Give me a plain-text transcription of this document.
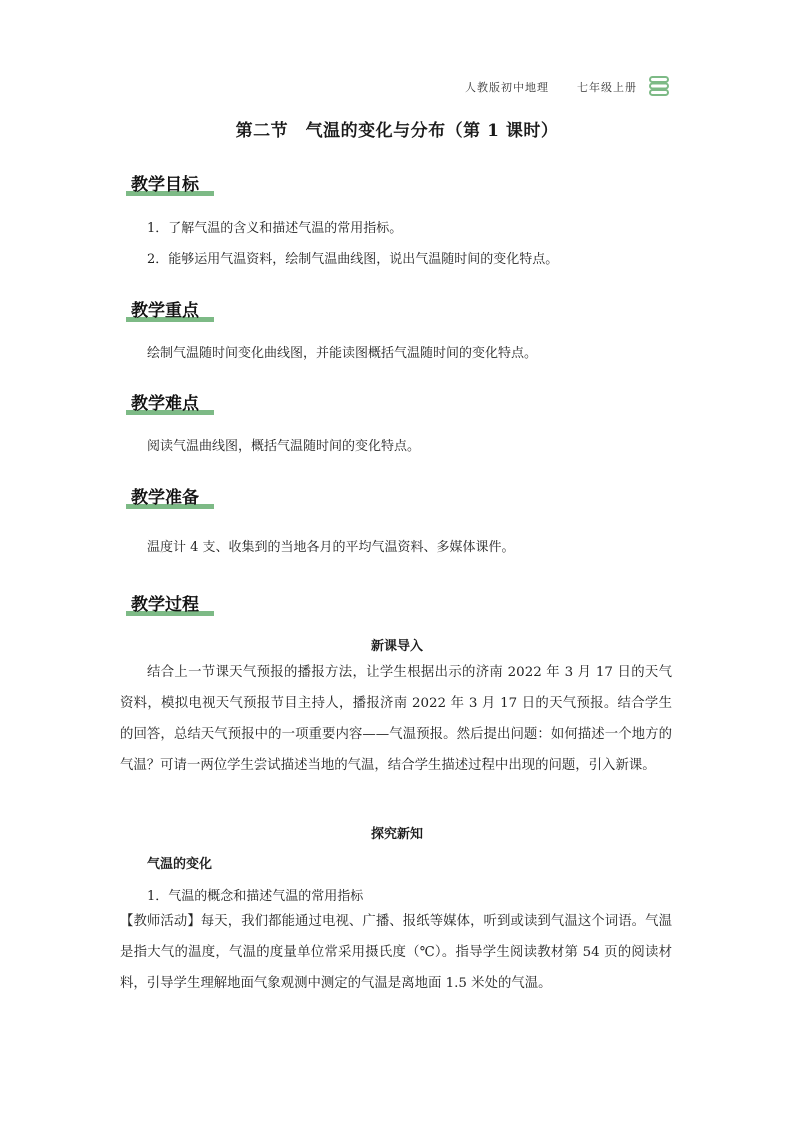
人教版初中地理	七年级上册
第二节　气温的变化与分布（第 1 课时）
教学目标
1．了解气温的含义和描述气温的常用指标。
2．能够运用气温资料，绘制气温曲线图，说出气温随时间的变化特点。
教学重点
绘制气温随时间变化曲线图，并能读图概括气温随时间的变化特点。
教学难点
阅读气温曲线图，概括气温随时间的变化特点。
教学准备
温度计 4 支、收集到的当地各月的平均气温资料、多媒体课件。
教学过程
新课导入
结合上一节课天气预报的播报方法，让学生根据出示的济南 2022 年 3 月 17 日的天气资料，模拟电视天气预报节目主持人，播报济南 2022 年 3 月 17 日的天气预报。结合学生的回答，总结天气预报中的一项重要内容——气温预报。然后提出问题：如何描述一个地方的气温？可请一两位学生尝试描述当地的气温，结合学生描述过程中出现的问题，引入新课。
探究新知
气温的变化
1．气温的概念和描述气温的常用指标
【教师活动】每天，我们都能通过电视、广播、报纸等媒体，听到或读到气温这个词语。气温是指大气的温度，气温的度量单位常采用摄氏度（℃）。指导学生阅读教材第 54 页的阅读材料，引导学生理解地面气象观测中测定的气温是离地面 1.5 米处的气温。
